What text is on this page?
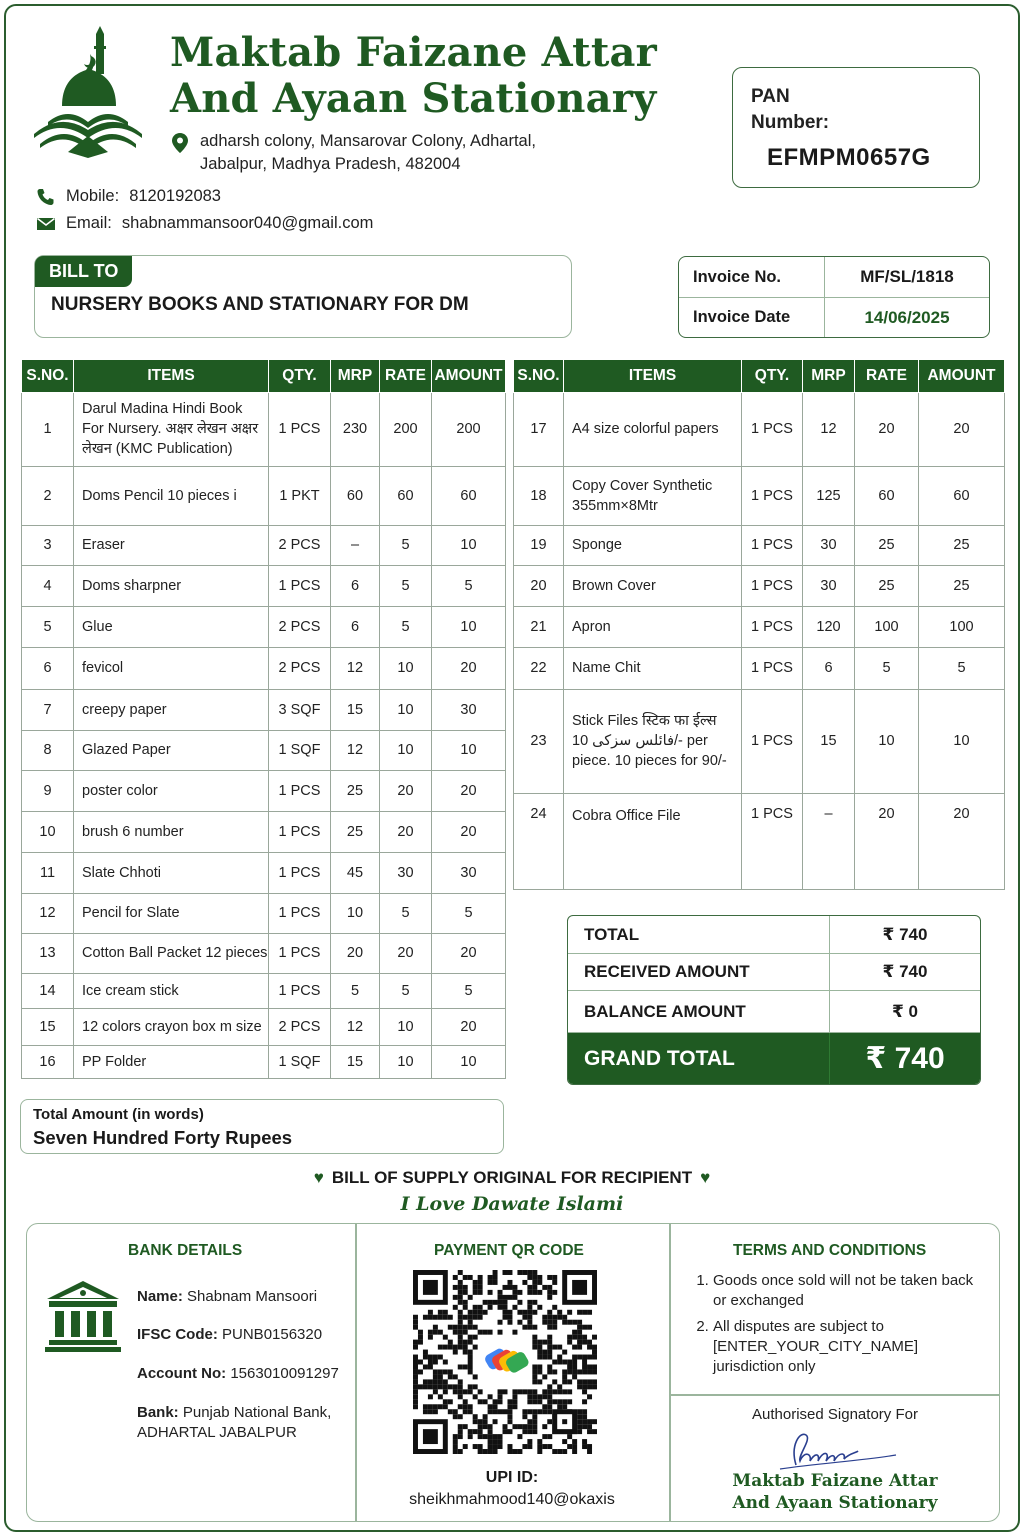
Maktab Faizane Attar
And Ayaan Stationary
adharsh colony, Mansarovar Colony, Adhartal,
Jabalpur, Madhya Pradesh, 482004
Mobile: 8120192083
Email: shabnammansoor040@gmail.com
PAN Number:
EFMPM0657G
BILL TO
NURSERY BOOKS AND STATIONARY FOR DM
Invoice No.	MF/SL/1818
Invoice Date	14/06/2025
S.NO.	ITEMS	QTY.	MRP	RATE	AMOUNT
1	Darul Madina Hindi Book For Nursery. अक्षर लेखन अक्षर लेखन (KMC Publication)	1 PCS	230	200	200
2	Doms Pencil 10 pieces i	1 PKT	60	60	60
3	Eraser	2 PCS	–	5	10
4	Doms sharpner	1 PCS	6	5	5
5	Glue	2 PCS	6	5	10
6	fevicol	2 PCS	12	10	20
7	creepy paper	3 SQF	15	10	30
8	Glazed Paper	1 SQF	12	10	10
9	poster color	1 PCS	25	20	20
10	brush 6 number	1 PCS	25	20	20
11	Slate Chhoti	1 PCS	45	30	30
12	Pencil for Slate	1 PCS	10	5	5
13	Cotton Ball Packet 12 pieces	1 PCS	20	20	20
14	Ice cream stick	1 PCS	5	5	5
15	12 colors crayon box m size	2 PCS	12	10	20
16	PP Folder	1 SQF	15	10	10
S.NO.	ITEMS	QTY.	MRP	RATE	AMOUNT
17	A4 size colorful papers	1 PCS	12	20	20
18	Copy Cover Synthetic 355mm×8Mtr	1 PCS	125	60	60
19	Sponge	1 PCS	30	25	25
20	Brown Cover	1 PCS	30	25	25
21	Apron	1 PCS	120	100	100
22	Name Chit	1 PCS	6	5	5
23	Stick Files स्टिक फा ईल्स فائلس سزکی 10/- per piece. 10 pieces for 90/-	1 PCS	15	10	10
24	Cobra Office File	1 PCS	–	20	20
TOTAL	₹ 740
RECEIVED AMOUNT	₹ 740
BALANCE AMOUNT	₹ 0
GRAND TOTAL	₹ 740
Total Amount (in words)
Seven Hundred Forty Rupees
♥ BILL OF SUPPLY ORIGINAL FOR RECIPIENT ♥
I Love Dawate Islami
BANK DETAILS
Name: Shabnam Mansoori
IFSC Code: PUNB0156320
Account No: 1563010091297
Bank: Punjab National Bank,
ADHARTAL JABALPUR
PAYMENT QR CODE
UPI ID:
sheikhmahmood140@okaxis
TERMS AND CONDITIONS
1. Goods once sold will not be taken back or exchanged
2. All disputes are subject to [ENTER_YOUR_CITY_NAME] jurisdiction only
Authorised Signatory For
Maktab Faizane Attar
And Ayaan Stationary
